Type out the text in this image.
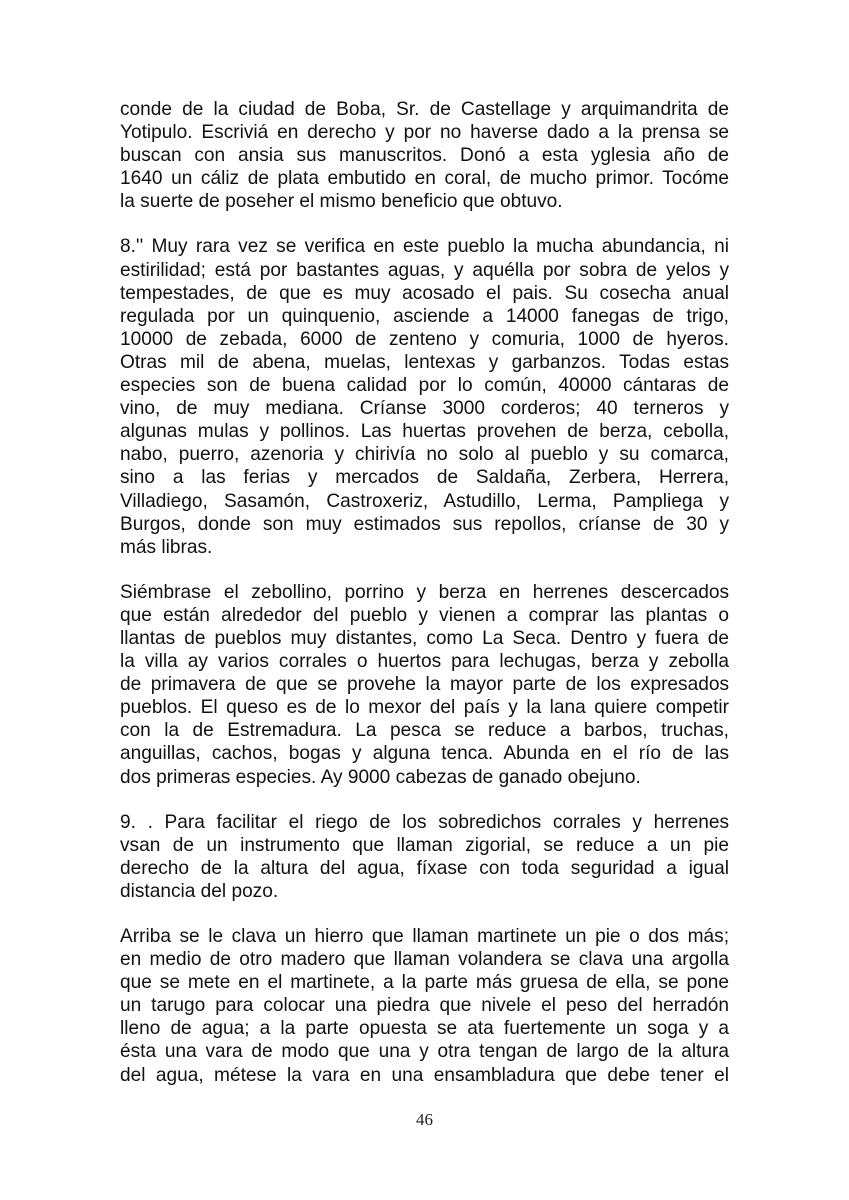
conde de la ciudad de Boba, Sr. de Castellage y arquimandrita de
Yotipulo. Escriviá en derecho y por no haverse dado a la prensa se
buscan con ansia sus manuscritos. Donó a esta yglesia año de
1640 un cáliz de plata embutido en coral, de mucho primor. Tocóme
la suerte de poseher el mismo beneficio que obtuvo.
8.'' Muy rara vez se verifica en este pueblo la mucha abundancia, ni
estirilidad; está por bastantes aguas, y aquélla por sobra de yelos y
tempestades, de que es muy acosado el pais. Su cosecha anual
regulada por un quinquenio, asciende a 14000 fanegas de trigo,
10000 de zebada, 6000 de zenteno y comuria, 1000 de hyeros.
Otras mil de abena, muelas, lentexas y garbanzos. Todas estas
especies son de buena calidad por lo común, 40000 cántaras de
vino, de muy mediana. Críanse 3000 corderos; 40 terneros y
algunas mulas y pollinos. Las huertas provehen de berza, cebolla,
nabo, puerro, azenoria y chirivía no solo al pueblo y su comarca,
sino a las ferias y mercados de Saldaña, Zerbera, Herrera,
Villadiego, Sasamón, Castroxeriz, Astudillo, Lerma, Pampliega y
Burgos, donde son muy estimados sus repollos, críanse de 30 y
más libras.
Siémbrase el zebollino, porrino y berza en herrenes descercados
que están alrededor del pueblo y vienen a comprar las plantas o
llantas de pueblos muy distantes, como La Seca. Dentro y fuera de
la villa ay varios corrales o huertos para lechugas, berza y zebolla
de primavera de que se provehe la mayor parte de los expresados
pueblos. El queso es de lo mexor del país y la lana quiere competir
con la de Estremadura. La pesca se reduce a barbos, truchas,
anguillas, cachos, bogas y alguna tenca. Abunda en el río de las
dos primeras especies. Ay 9000 cabezas de ganado obejuno.
9. . Para facilitar el riego de los sobredichos corrales y herrenes
vsan de un instrumento que llaman zigorial, se reduce a un pie
derecho de la altura del agua, fíxase con toda seguridad a igual
distancia del pozo.
Arriba se le clava un hierro que llaman martinete un pie o dos más;
en medio de otro madero que llaman volandera se clava una argolla
que se mete en el martinete, a la parte más gruesa de ella, se pone
un tarugo para colocar una piedra que nivele el peso del herradón
lleno de agua; a la parte opuesta se ata fuertemente un soga y a
ésta una vara de modo que una y otra tengan de largo de la altura
del agua, métese la vara en una ensambladura que debe tener el
46
